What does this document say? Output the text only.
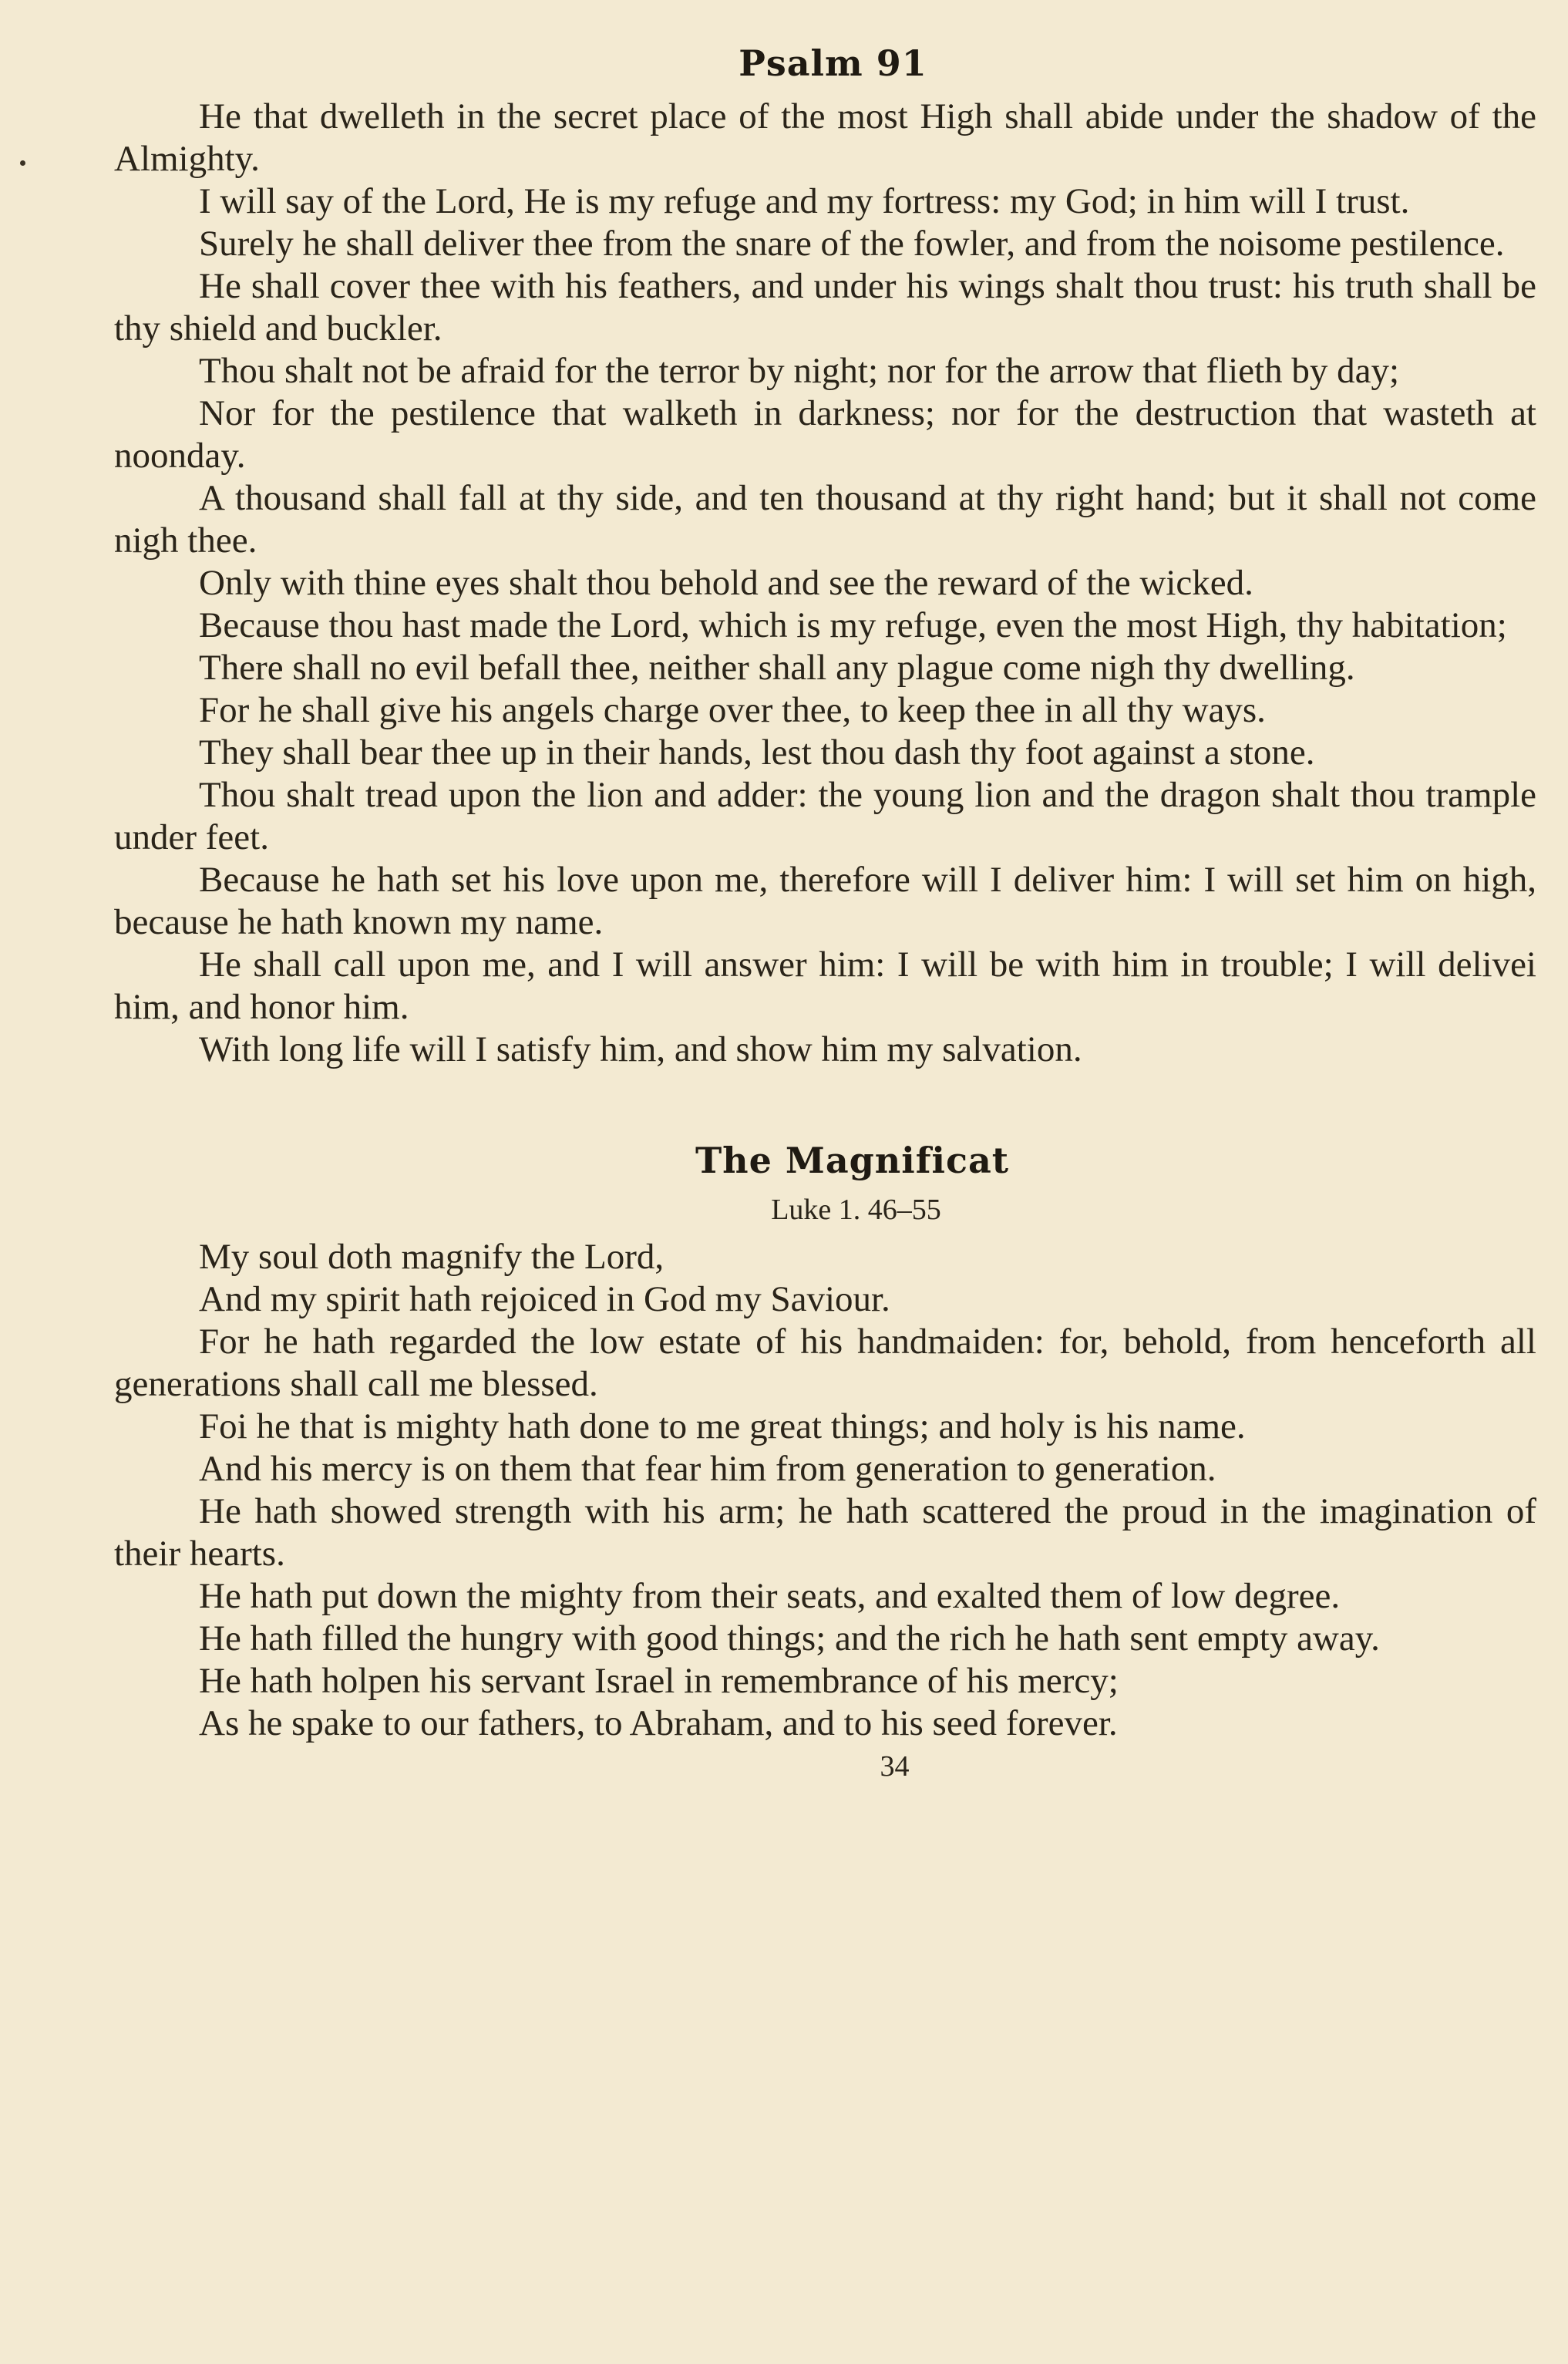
Psalm 91

He that dwelleth in the secret place of the most High shall abide under the shadow of the Almighty.

I will say of the Lord, He is my refuge and my fortress: my God; in him will I trust.

Surely he shall deliver thee from the snare of the fowler, and from the noisome pestilence.

He shall cover thee with his feathers, and under his wings shalt thou trust: his truth shall be thy shield and buckler.

Thou shalt not be afraid for the terror by night; nor for the arrow that flieth by day;

Nor for the pestilence that walketh in darkness; nor for the destruction that wasteth at noonday.

A thousand shall fall at thy side, and ten thousand at thy right hand; but it shall not come nigh thee.

Only with thine eyes shalt thou behold and see the reward of the wicked.

Because thou hast made the Lord, which is my refuge, even the most High, thy habitation;

There shall no evil befall thee, neither shall any plague come nigh thy dwelling.

For he shall give his angels charge over thee, to keep thee in all thy ways.

They shall bear thee up in their hands, lest thou dash thy foot against a stone.

Thou shalt tread upon the lion and adder: the young lion and the dragon shalt thou trample under feet.

Because he hath set his love upon me, therefore will I deliver him: I will set him on high, because he hath known my name.

He shall call upon me, and I will answer him: I will be with him in trouble; I will delivei him, and honor him.

With long life will I satisfy him, and show him my salvation.

The Magnificat
Luke 1. 46–55

My soul doth magnify the Lord,

And my spirit hath rejoiced in God my Saviour.

For he hath regarded the low estate of his handmaiden: for, behold, from henceforth all generations shall call me blessed.

Foi he that is mighty hath done to me great things; and holy is his name.

And his mercy is on them that fear him from generation to generation.

He hath showed strength with his arm; he hath scattered the proud in the imagination of their hearts.

He hath put down the mighty from their seats, and exalted them of low degree.

He hath filled the hungry with good things; and the rich he hath sent empty away.

He hath holpen his servant Israel in remembrance of his mercy;

As he spake to our fathers, to Abraham, and to his seed forever.

34
